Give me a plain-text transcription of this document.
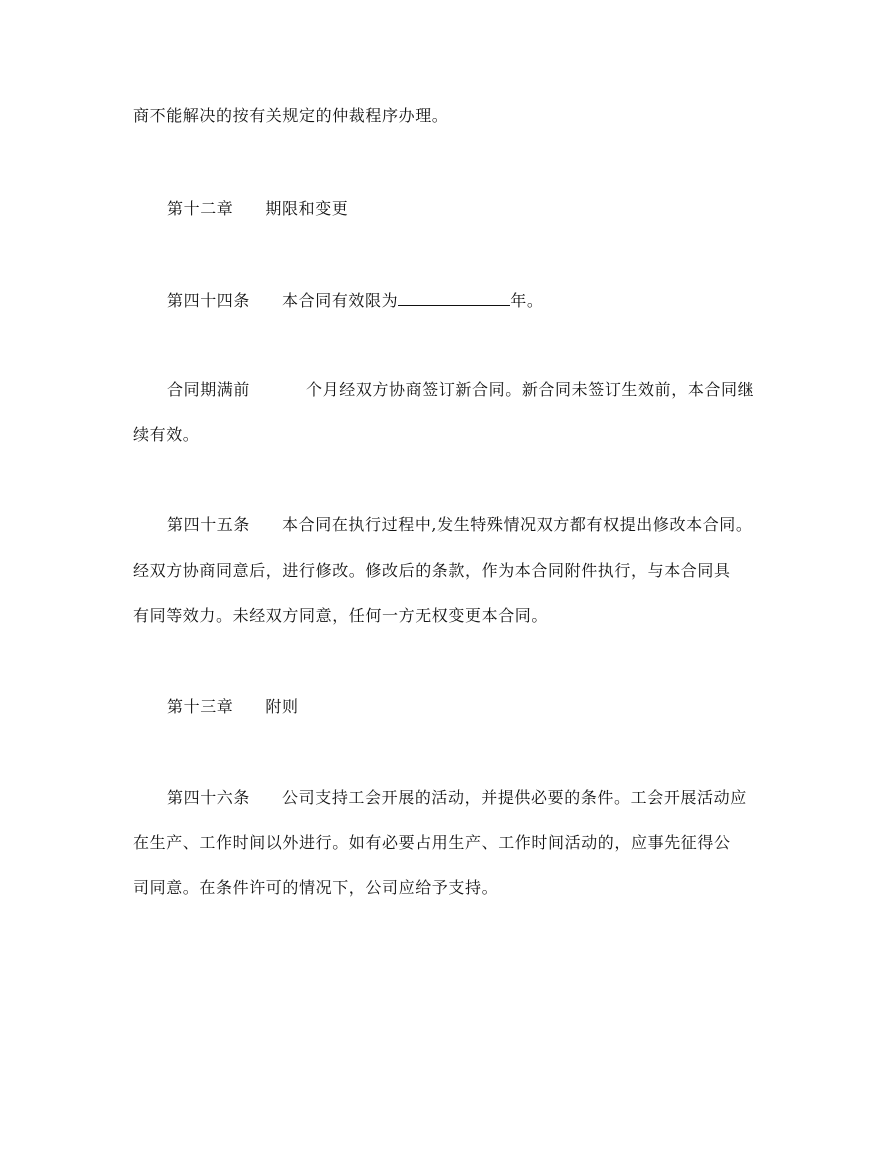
商不能解决的按有关规定的仲裁程序办理。
第十二章 期限和变更
第四十四条 本合同有效限为	年。
合同期满前	个月经双方协商签订新合同。新合同未签订生效前，本合同继
续有效。
第四十五条 本合同在执行过程中,发生特殊情况双方都有权提出修改本合同。
经双方协商同意后，进行修改。修改后的条款，作为本合同附件执行，与本合同具
有同等效力。未经双方同意，任何一方无权变更本合同。
第十三章 附则
第四十六条 公司支持工会开展的活动，并提供必要的条件。工会开展活动应
在生产、工作时间以外进行。如有必要占用生产、工作时间活动的，应事先征得公
司同意。在条件许可的情况下，公司应给予支持。
